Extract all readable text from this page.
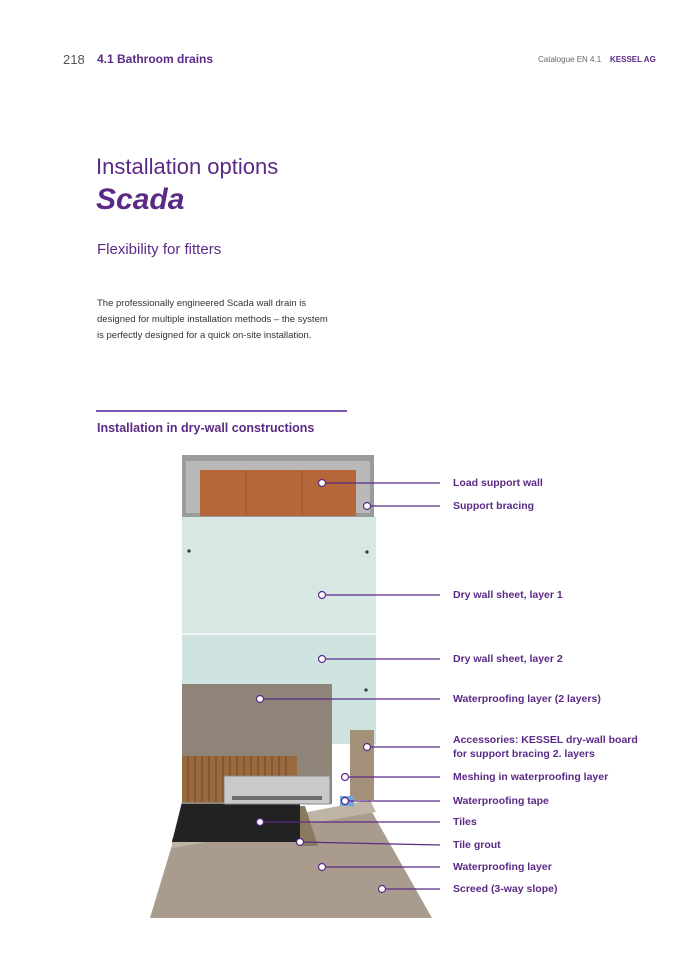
218 4.1 Bathroom drains	Catalogue EN 4.1 KESSEL AG
Installation options
Scada
Flexibility for fitters
The professionally engineered Scada wall drain is
designed for multiple installation methods – the system
is perfectly designed for a quick on-site installation.
Installation in dry-wall constructions
Load support wall
Support bracing
Dry wall sheet, layer 1
Dry wall sheet, layer 2
Waterproofing layer (2 layers)
Accessories: KESSEL dry-wall board
for support bracing 2. layers
Meshing in waterproofing layer
Waterproofing tape
Tiles
Tile grout
Waterproofing layer
Screed (3-way slope)
